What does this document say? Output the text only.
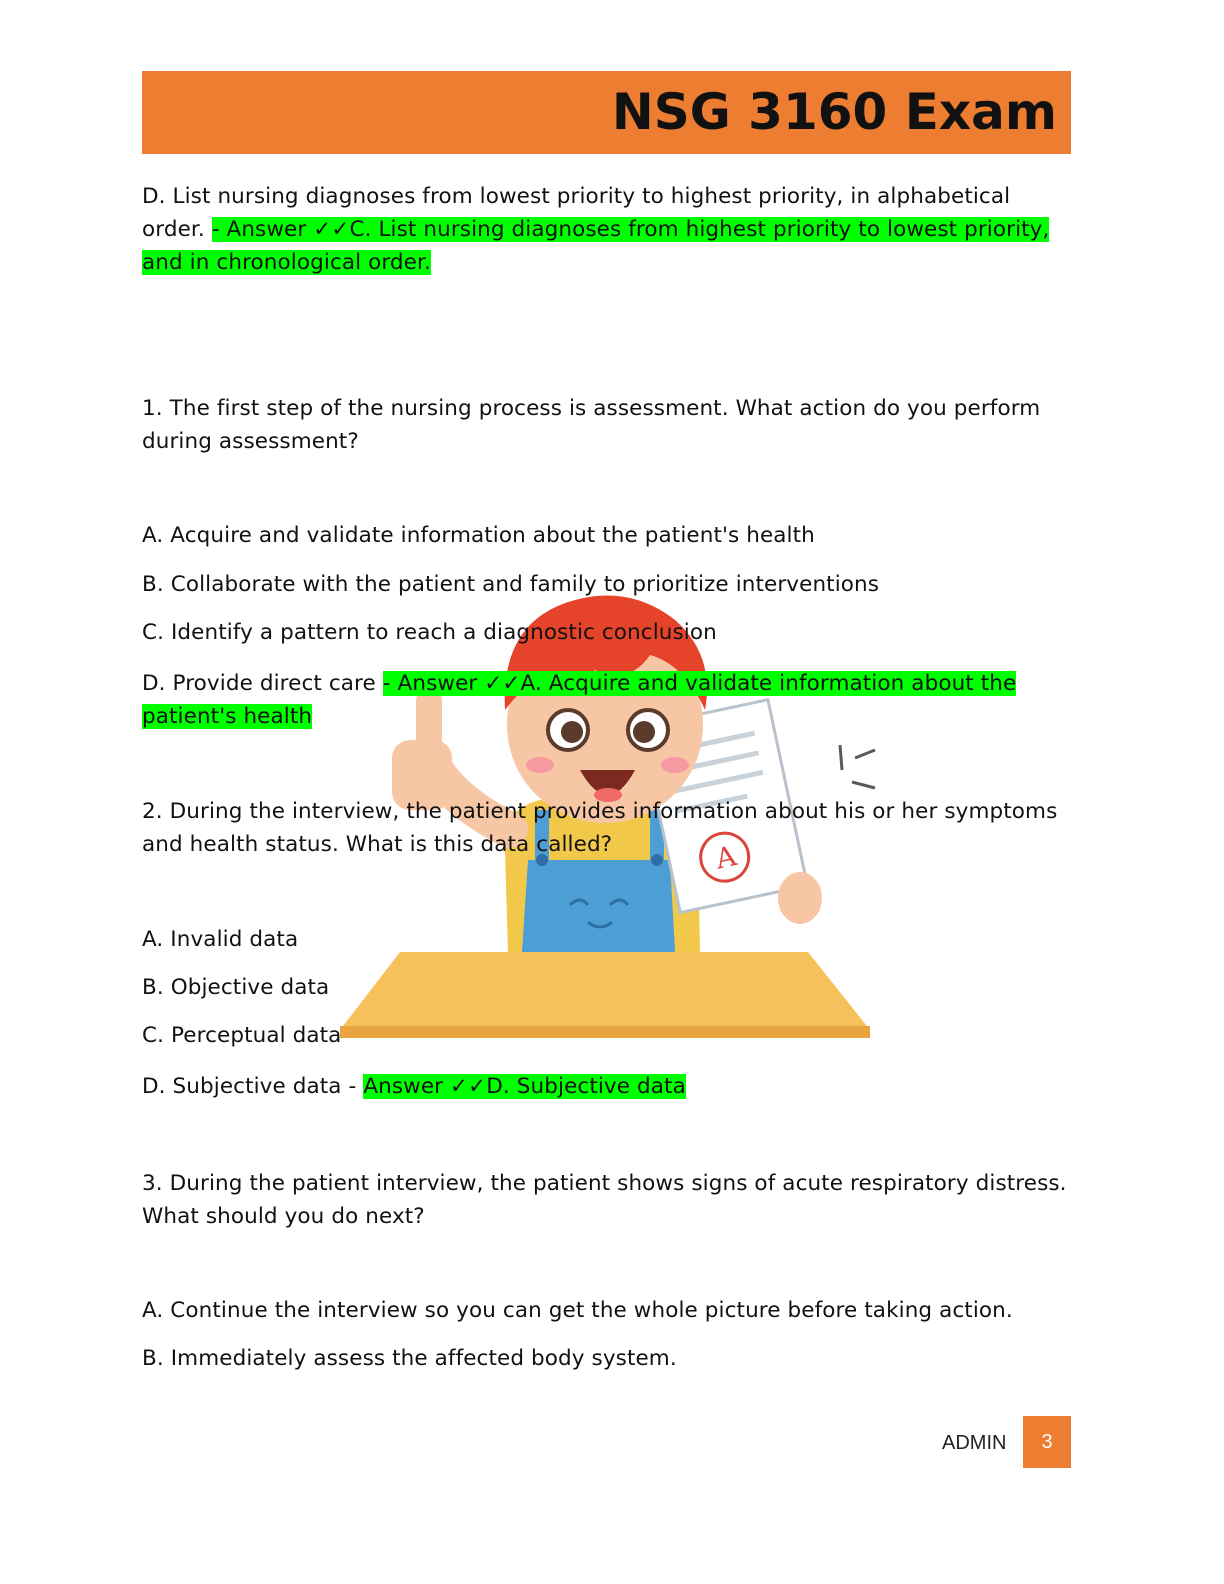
NSG 3160 Exam
A
D. List nursing diagnoses from lowest priority to highest priority, in alphabetical order. - Answer ✓✓C. List nursing diagnoses from highest priority to lowest priority, and in chronological order.
1. The first step of the nursing process is assessment. What action do you perform during assessment?
A. Acquire and validate information about the patient's health
B. Collaborate with the patient and family to prioritize interventions
C. Identify a pattern to reach a diagnostic conclusion
D. Provide direct care - Answer ✓✓A. Acquire and validate information about the patient's health
2. During the interview, the patient provides information about his or her symptoms and health status. What is this data called?
A. Invalid data
B. Objective data
C. Perceptual data
D. Subjective data - Answer ✓✓D. Subjective data
3. During the patient interview, the patient shows signs of acute respiratory distress. What should you do next?
A. Continue the interview so you can get the whole picture before taking action.
B. Immediately assess the affected body system.
ADMIN 3
